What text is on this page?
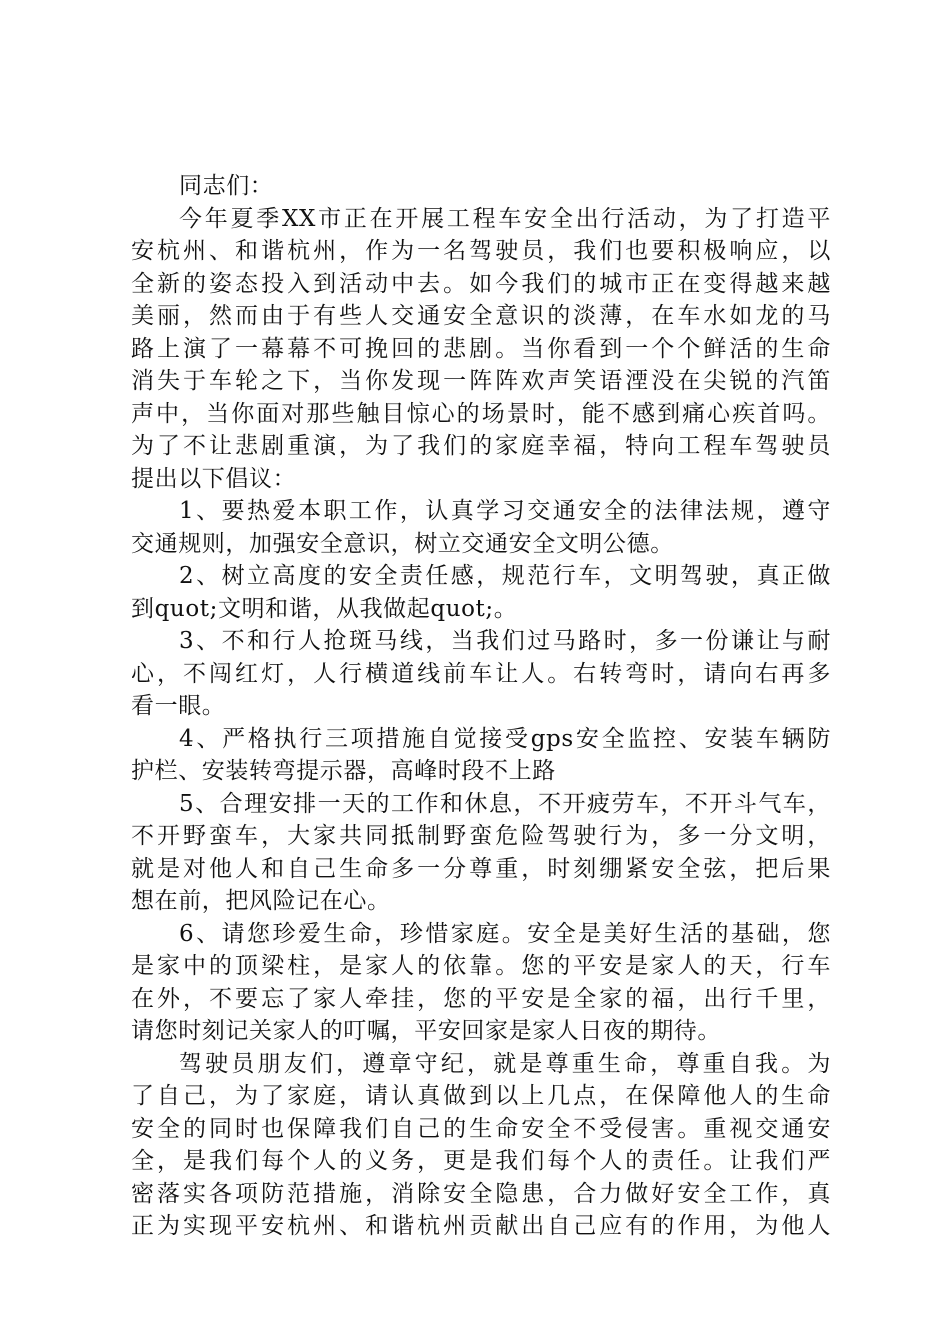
同志们：
今年夏季XX市正在开展工程车安全出行活动，为了打造平
安杭州、和谐杭州，作为一名驾驶员，我们也要积极响应，以
全新的姿态投入到活动中去。如今我们的城市正在变得越来越
美丽，然而由于有些人交通安全意识的淡薄，在车水如龙的马
路上演了一幕幕不可挽回的悲剧。当你看到一个个鲜活的生命
消失于车轮之下，当你发现一阵阵欢声笑语湮没在尖锐的汽笛
声中，当你面对那些触目惊心的场景时，能不感到痛心疾首吗。
为了不让悲剧重演，为了我们的家庭幸福，特向工程车驾驶员
提出以下倡议：
1、要热爱本职工作，认真学习交通安全的法律法规，遵守
交通规则，加强安全意识，树立交通安全文明公德。
2、树立高度的安全责任感，规范行车，文明驾驶，真正做
到quot;文明和谐，从我做起quot;。
3、不和行人抢斑马线，当我们过马路时，多一份谦让与耐
心，不闯红灯，人行横道线前车让人。右转弯时，请向右再多
看一眼。
4、严格执行三项措施自觉接受gps安全监控、安装车辆防
护栏、安装转弯提示器，高峰时段不上路
5、合理安排一天的工作和休息，不开疲劳车，不开斗气车，
不开野蛮车，大家共同抵制野蛮危险驾驶行为，多一分文明，
就是对他人和自己生命多一分尊重，时刻绷紧安全弦，把后果
想在前，把风险记在心。
6、请您珍爱生命，珍惜家庭。安全是美好生活的基础，您
是家中的顶梁柱，是家人的依靠。您的平安是家人的天，行车
在外，不要忘了家人牵挂，您的平安是全家的福，出行千里，
请您时刻记关家人的叮嘱，平安回家是家人日夜的期待。
驾驶员朋友们，遵章守纪，就是尊重生命，尊重自我。为
了自己，为了家庭，请认真做到以上几点，在保障他人的生命
安全的同时也保障我们自己的生命安全不受侵害。重视交通安
全，是我们每个人的义务，更是我们每个人的责任。让我们严
密落实各项防范措施，消除安全隐患，合力做好安全工作，真
正为实现平安杭州、和谐杭州贡献出自己应有的作用，为他人
